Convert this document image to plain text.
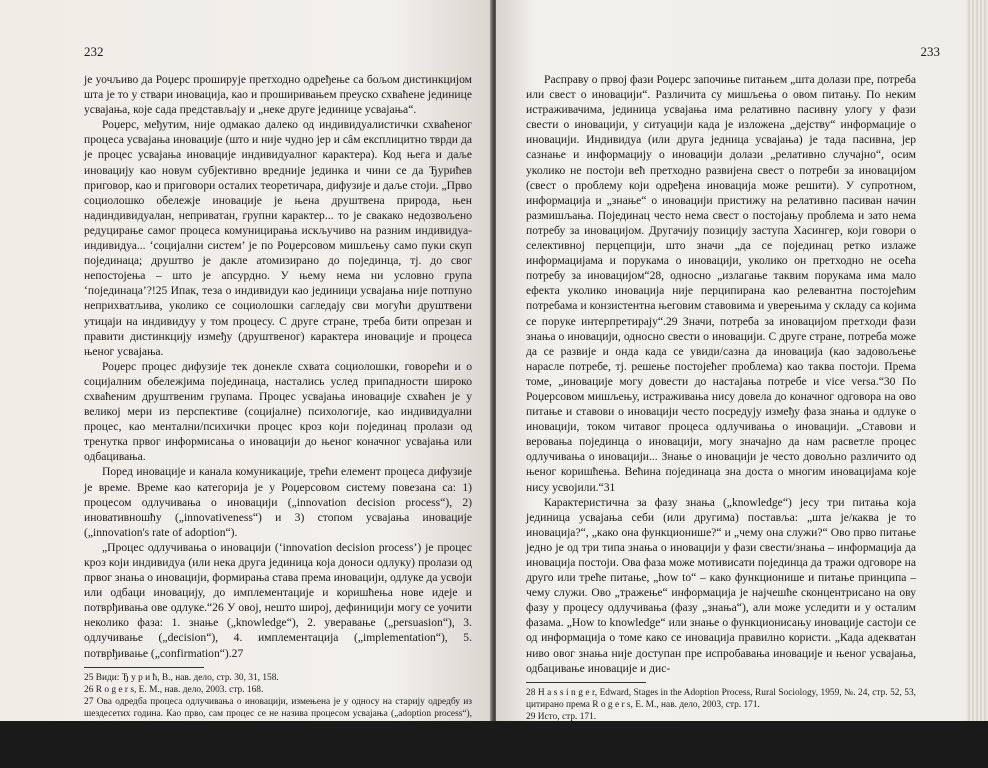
232

је уочљиво да Роџерс проширује претходно одређење са бољом дистинкцијом шта је то у ствари иновација, као и проширивањем преуско схваћене јединице усвајања, које сада представљају и „неке друге јединице усвајања“.

Роџерс, међутим, није одмакао далеко од индивидуалистички схваћеног процеса усвајања иновације (што и није чудно јер и сâм експлицитно тврди да је процес усвајања иновације индивидуалног карактера). Код њега и даље иновацију као новум субјективно вредније јединка и чини се да Ђурићев приговор, као и приговори осталих теоретичара, дифузије и даље стоји. „Прво социолошко обележје иновације је њена друштвена природа, њен надиндивидуалан, неприватан, групни карактер... то је свакако недозвољено редуцирање самог процеса комуницирања искључиво на разним индивидуа-индивидуа... ‘социјални систем’ је по Роџерсовом мишљењу само пуки скуп појединаца; друштво је дакле атомизирано до појединца, тј. до свог непостојења – што је апсурдно. У њему нема ни условно група ‘појединаца’?!25 Ипак, теза о индивидуи као јединици усвајања није потпуно неприхватљива, уколико се социолошки сагледају сви могући друштвени утицаји на индивидуу у том процесу. С друге стране, треба бити опрезан и правити дистинкцију између (друштвеног) карактера иновације и процеса њеног усвајања.

Роџерс процес дифузије тек донекле схвата социолошки, говорећи и о социјалним обележјима појединаца, настались услед припадности широко схваћеним друштвеним групама. Процес усвајања иновације схваћен је у великој мери из перспективе (социјалне) психологије, као индивидуални процес, као ментални/психички процес кроз који појединац пролази од тренутка првог информисања о иновацији до њеног коначног усвајања или одбацивања.

Поред иновације и канала комуникације, трећи елемент процеса дифузије је време. Време као категорија је у Роџерсовом систему повезана са: 1) процесом одлучивања о иновацији („innovation decision process“), 2) иновативношћу („innovativeness“) и 3) стопом усвајања иновације („innovation's rate of adoption“).

„Процес одлучивања о иновацији (‘innovation decision process’) је процес кроз који индивидуа (или нека друга јединица која доноси одлуку) пролази од првог знања о иновацији, формирања става према иновацији, одлуке да усвоји или одбаци иновацију, до имплементације и коришћења нове идеје и потврђивања ове одлуке.“26 У овој, нешто широј, дефиницији могу се уочити неколико фаза: 1. знање („knowledge“), 2. уверавање („persuasion“), 3. одлучивање („decision“), 4. имплементација („implementation“), 5. потврђивање („confirmation“).27

25 Види: Ђ у р и ћ, В., нав. дело, стр. 30, 31, 158.

26 R o g e r s, E. M., нав. дело, 2003. стр. 168.

27 Ова одредба процеса одлучивања о иновацији, измењена је у односу на старију одредбу из шездесетих година. Као прво, сам процес се не назива процесом усвајања („adoption process“), него процесом одлучивања о иновацији („innovation-decision process“). У ранијем процесу усвајања фазе су гласиле: 1) фаза свести („awareness“), 2) фаза заинтересованости („interest“), 3) фаза оцењивања („evaluation“), 4) фаза искушавања („trial“) и 5) фаза усвајања („adoption“), R o g e r s, E. M., Diffusion of innovations, 1962., стр. 81.

233

Расправу о првој фази Роџерс започиње питањем „шта долази пре, потреба или свест о иновацији“. Различита су мишљења о овом питању. По неким истраживачима, јединица усвајања има релативно пасивну улогу у фази свести о иновацији, у ситуацији када је изложена „дејству“ информације о иновацији. Индивидуа (или друга једница усвајања) је тада пасивна, јер сазнање и информацију о иновацији долази „релативно случајно“, осим уколико не постоји већ претходно развијена свест о потреби за иновацијом (свест о проблему који одређена иновација може решити). У супротном, информација и „знање“ о иновацији пристижу на релативно пасиван начин размишљања. Појединац често нема свест о постојању проблема и зато нема потребу за иновацијом. Другачију позицију заступа Хасингер, који говори о селективној перцепцији, што значи „да се појединац ретко излаже информацијама и порукама о иновацији, уколико он претходно не осећа потребу за иновацијом“28, односно „излагање таквим порукама има мало ефекта уколико иновација није перципирана као релевантна постојећим потребама и конзистентна његовим ставовима и уверењима у складу са којима се поруке интерпретирају“.29 Значи, потреба за иновацијом претходи фази знања о иновацији, односно свести о иновацији. С друге стране, потреба може да се развије и онда када се увиди/сазна да иновација (као задовољење нарасле потребе, тј. решење постојећег проблема) као таква постоји. Према томе, „иновације могу довести до настајања потребе и vice versa.“30 По Роџерсовом мишљењу, истраживања нису довела до коначног одговора на ово питање и ставови о иновацији често посредују између фаза знања и одлуке о иновацији, током читавог процеса одлучивања о иновацији. „Ставови и веровања појединца о иновацији, могу значајно да нам расветле процес одлучивања о иновацији... Знање о иновацији је често довољно различито од њеног коришћења. Већина појединаца зна доста о многим иновацијама које нису усвојили.“31

Карактеристична за фазу знања („knowledge“) јесу три питања која јединица усвајања себи (или другима) поставља: „шта је/каква је то иновација?“, „како она функционише?“ и „чему она служи?“ Ово прво питање једно је од три типа знања о иновацији у фази свести/знања – информација да иновација постоји. Ова фаза може мотивисати појединца да тражи одговоре на друго или треће питање, „how to“ – како функционише и питање принципа – чему служи. Ово „тражење“ информација је најчешће сконцентрисано на ову фазу у процесу одлучивања (фазу „знања“), али може уследити и у осталим фазама. „How to knowledge“ или знање о функционисању иновације састоји се од информација о томе како се иновација правилно користи. „Када адекватан ниво овог знања није доступан пре испробавања иновације и њеног усвајања, одбацивање иновације и дис-

28 H a s s i n g e r, Edward, Stages in the Adoption Process, Rural Sociology, 1959, №. 24, стр. 52, 53, цитирано према R o g e r s, E. M., нав. дело, 2003, стр. 171.

29 Исто, стр. 171.

30 R o g e r s, E. M., нав. дело, 2003, стр. 172.

31 Исто, стр. 174.
